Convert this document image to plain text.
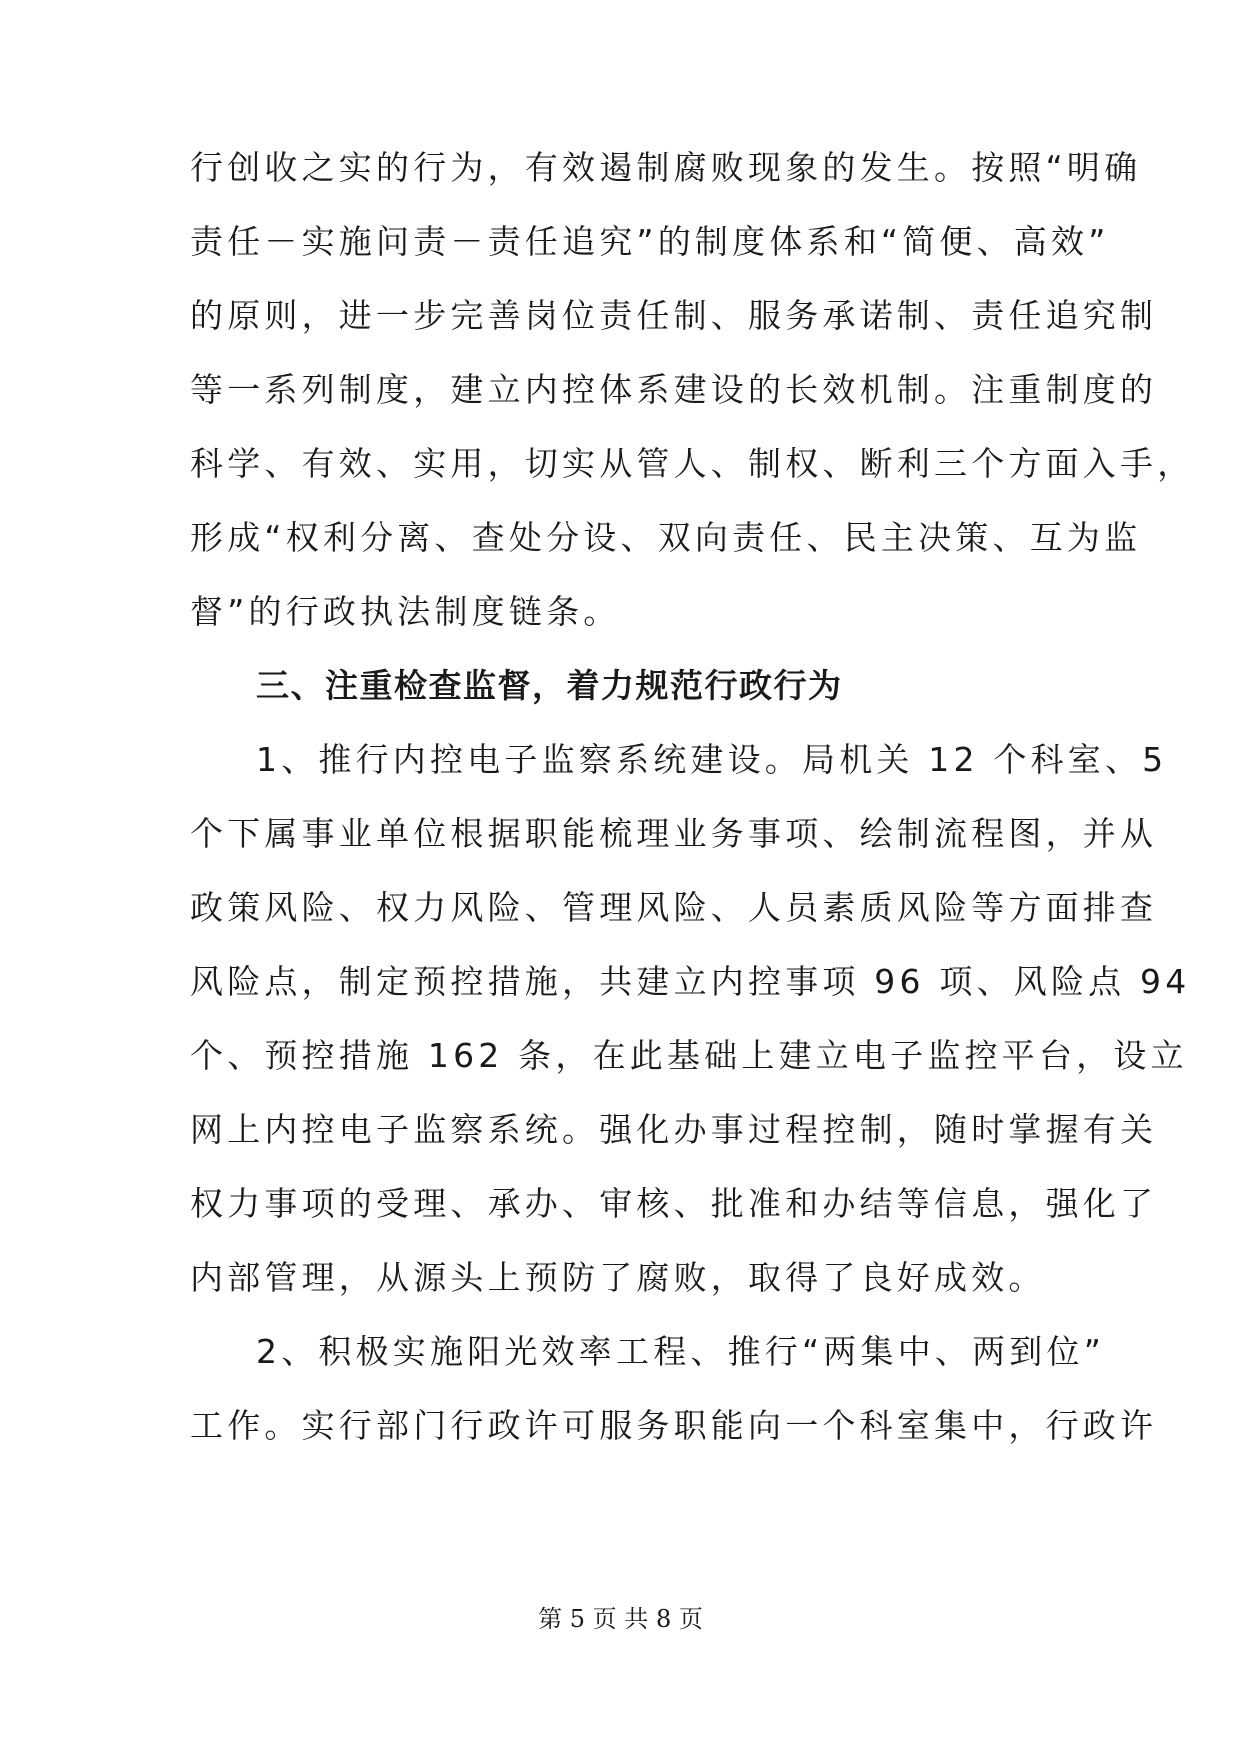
行创收之实的行为，有效遏制腐败现象的发生。按照“明确
责任－实施问责－责任追究”的制度体系和“简便、高效”
的原则，进一步完善岗位责任制、服务承诺制、责任追究制
等一系列制度，建立内控体系建设的长效机制。注重制度的
科学、有效、实用，切实从管人、制权、断利三个方面入手，
形成“权利分离、查处分设、双向责任、民主决策、互为监
督”的行政执法制度链条。
三、注重检查监督，着力规范行政行为
1、推行内控电子监察系统建设。局机关 12 个科室、5
个下属事业单位根据职能梳理业务事项、绘制流程图，并从
政策风险、权力风险、管理风险、人员素质风险等方面排查
风险点，制定预控措施，共建立内控事项 96 项、风险点 94
个、预控措施 162 条，在此基础上建立电子监控平台，设立
网上内控电子监察系统。强化办事过程控制，随时掌握有关
权力事项的受理、承办、审核、批准和办结等信息，强化了
内部管理，从源头上预防了腐败，取得了良好成效。
2、积极实施阳光效率工程、推行“两集中、两到位”
工作。实行部门行政许可服务职能向一个科室集中，行政许
第 5 页 共 8 页
